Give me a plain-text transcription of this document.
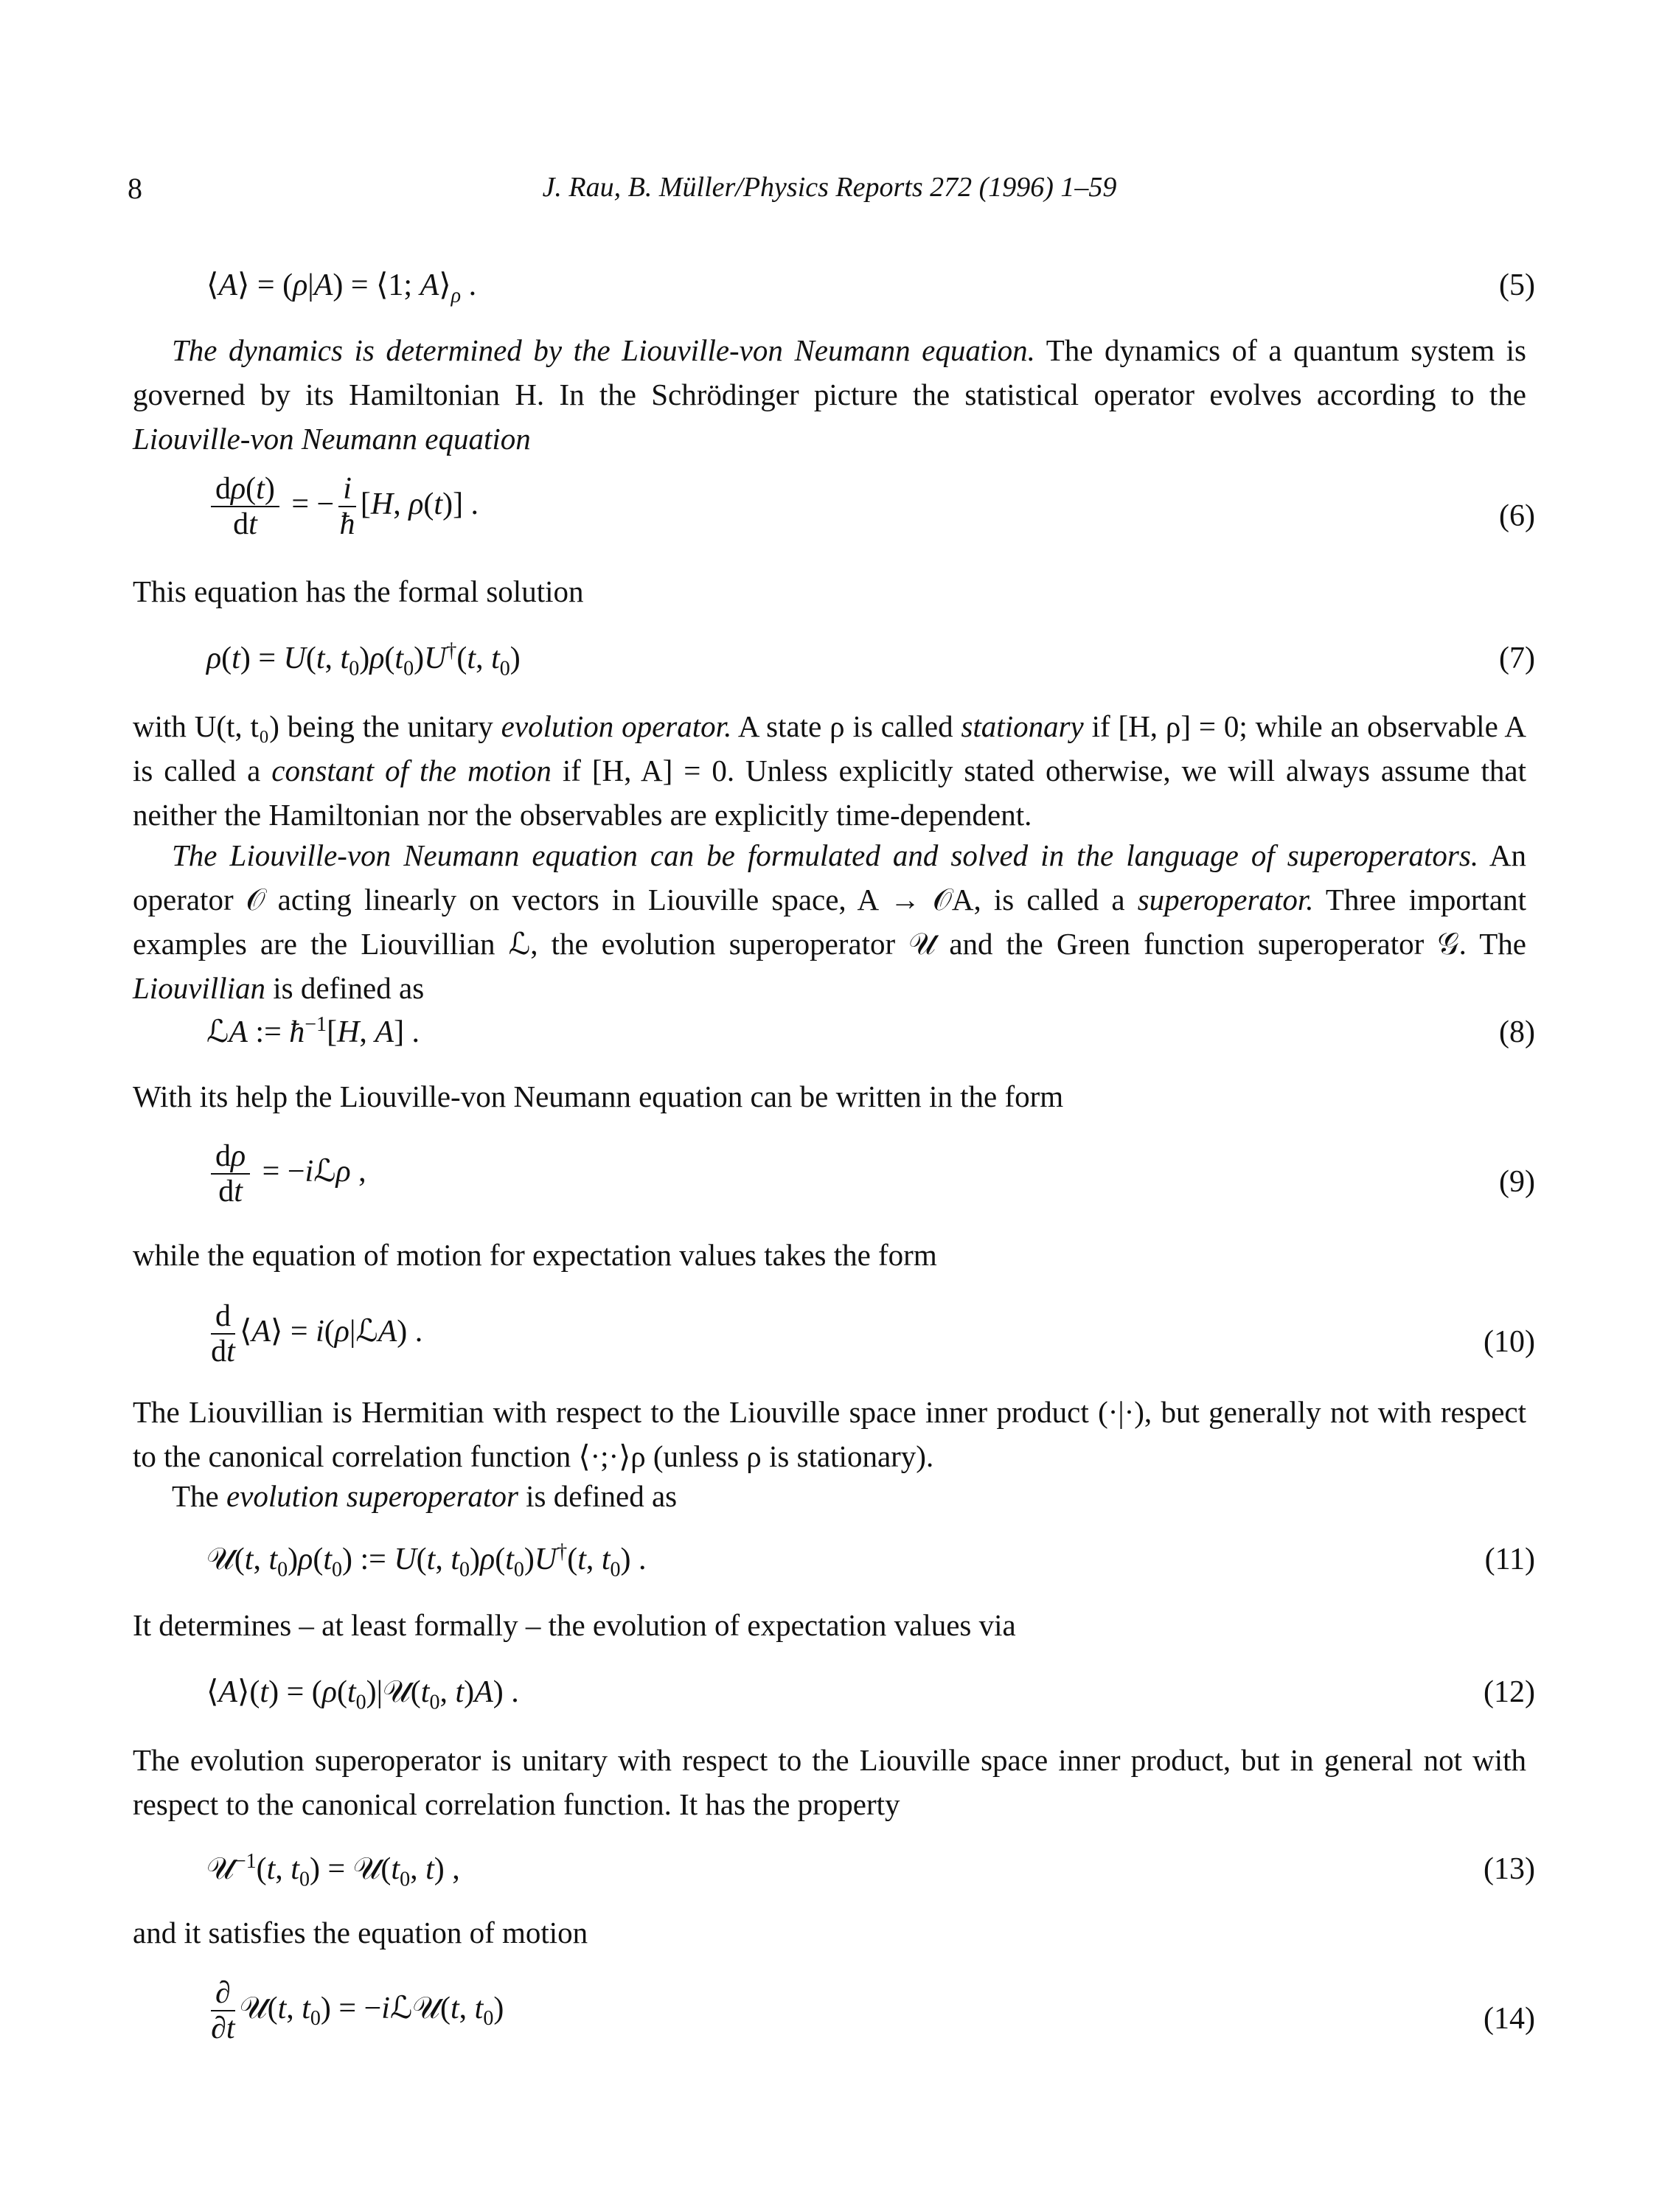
8	J. Rau, B. Müller/Physics Reports 272 (1996) 1–59
⟨A⟩ = (ρ|A) = ⟨1; $A⟩_\rho$ .	(5)
The dynamics is determined by the Liouville-von Neumann equation. The dynamics of a quantum system is governed by its Hamiltonian H. In the Schrödinger picture the statistical operator evolves according to the Liouville-von Neumann equation
$\frac{d\rho(t)}{dt}$ = − $\frac{i}{ħ} [H$, ρ(t)] .	(6)
This equation has the formal solution
ρ(t) = U(t, $t_0)\rho(t_0)U^\dagger(t$, $t_0$)	(7)
with U(t, t₀) being the unitary evolution operator. A state ρ is called stationary if [H, ρ] = 0; while an observable A is called a constant of the motion if [H, A] = 0. Unless explicitly stated otherwise, we will always assume that neither the Hamiltonian nor the observables are explicitly time-dependent.
The Liouville-von Neumann equation can be formulated and solved in the language of superoperators. An operator 𝒪 acting linearly on vectors in Liouville space, A → 𝒪A, is called a superoperator. Three important examples are the Liouvillian ℒ, the evolution superoperator 𝒰 and the Green function superoperator 𝒢. The Liouvillian is defined as
ℒA := $ħ^{-1}[H$, A] .	(8)
With its help the Liouville-von Neumann equation can be written in the form
$\frac{d\rho}{dt}$ = −iℒρ ,	(9)
while the equation of motion for expectation values takes the form
$\frac{d}{dt}$ ⟨A⟩ = i(ρ|ℒA) .	(10)
The Liouvillian is Hermitian with respect to the Liouville space inner product (·|·), but generally not with respect to the canonical correlation function ⟨·;·⟩ρ (unless ρ is stationary).
The evolution superoperator is defined as
𝒰(t, $t_0)\rho(t_0)$ := U(t, $t_0)\rho(t_0)U^\dagger(t$, $t_0$) .	(11)
It determines – at least formally – the evolution of expectation values via
⟨A⟩(t) = ($\rho(t_0)|𝒰(t_0$, t)A) .	(12)
The evolution superoperator is unitary with respect to the Liouville space inner product, but in general not with respect to the canonical correlation function. It has the property
𝒰$^{-1}$(t, $t_0$) = $𝒰(t_0$, t) ,	(13)
and it satisfies the equation of motion
$\frac{\partial}{\partial t}$ 𝒰(t, $t_0$) = −iℒ𝒰(t, $t_0$)	(14)
